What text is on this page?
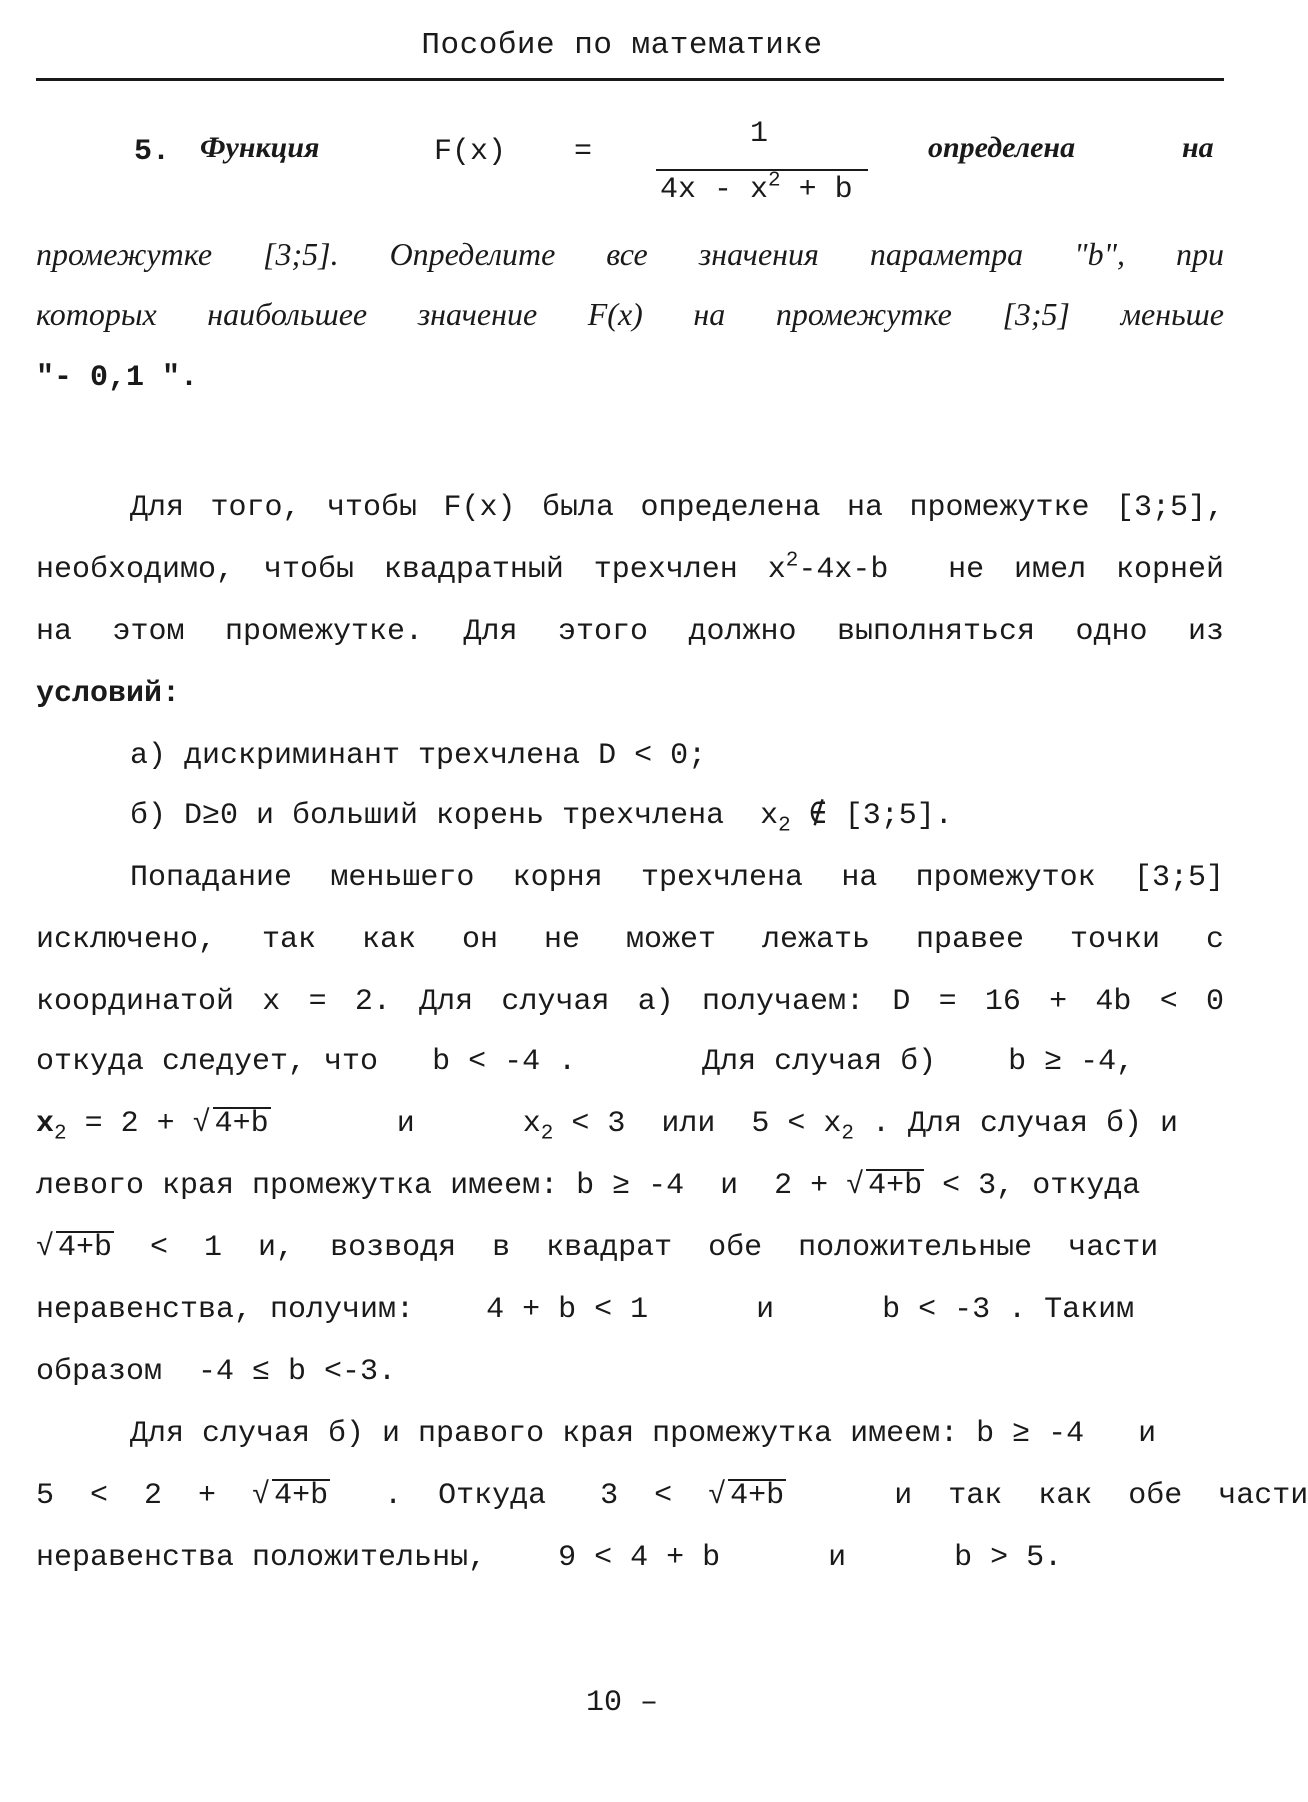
Пособие по математике
5. Функция	F(x) =
1
$4x - x^2 + b$
определена	на
промежутке [3;5]. Определите все значения параметра "b", при
которых наибольшее значение F(x) на промежутке [3;5] меньше
"- 0,1 ".
Для того, чтобы F(x) была определена на промежутке [3;5],
необходимо, чтобы квадратный трехчлен $x^2-4x-b$  не имел корней
на этом промежутке. Для этого должно выполняться одно из
условий:
а) дискриминант трехчлена D < 0;
б) D≥0 и больший корень трехчлена  $x_2$ ∉ [3;5].
Попадание меньшего корня трехчлена на промежуток [3;5]
исключено, так как он не может лежать правее точки с
координатой x = 2. Для случая а) получаем: D = 16 + 4b < 0
откуда следует, что   b < -4 .       Для случая б)    b ≥ -4,
$x_2 = 2$ + √ 4+b       и      $x_2 < 3$  или  $5 < x_2$ . Для случая б) и
левого края промежутка имеем: b ≥ -4  и  2 + √ 4+b < 3, откуда
√ 4+b  <  1  и,  возводя  в  квадрат  обе  положительные  части
неравенства, получим:    4 + b < 1      и      b < -3 . Таким
образом  -4 ≤ b <-3.
Для случая б) и правого края промежутка имеем: b ≥ -4   и
5  <  2  +  √ 4+b   .  Откуда   3  <  √ 4+b      и  так  как  обе  части
неравенства положительны,    9 < 4 + b      и      b > 5.
10 –
